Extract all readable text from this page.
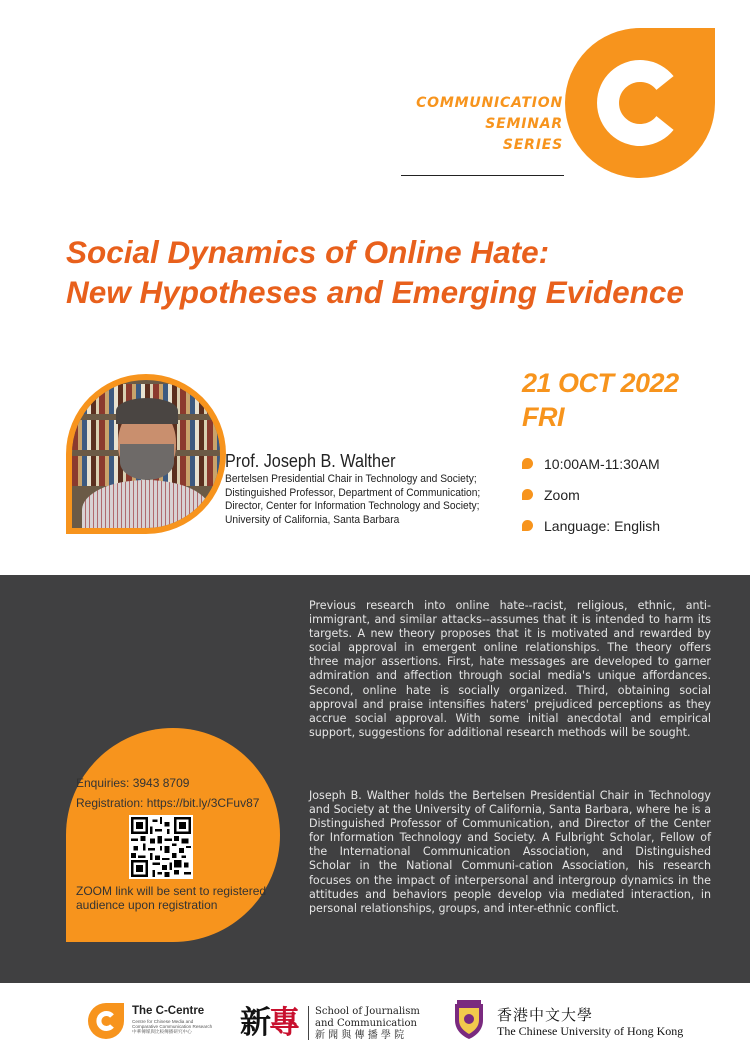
COMMUNICATION
SEMINAR
SERIES
Social Dynamics of Online Hate:
New Hypotheses and Emerging Evidence
Prof. Joseph B. Walther
Bertelsen Presidential Chair in Technology and Society;
Distinguished Professor, Department of Communication;
Director, Center for Information Technology and Society;
University of California, Santa Barbara
21 OCT 2022
FRI
10:00AM-11:30AM
Zoom
Language: English
Enquiries: 3943 8709
Registration: https://bit.ly/3CFuv87
ZOOM link will be sent to registered audience upon registration
Previous research into online hate--racist, religious, ethnic, anti-immigrant, and similar attacks--assumes that it is intended to harm its targets. A new theory proposes that it is motivated and rewarded by social approval in emergent online relationships. The theory offers three major assertions. First, hate messages are developed to garner admiration and affection through social media's unique affordances. Second, online hate is socially organized. Third, obtaining social approval and praise intensifies haters' prejudiced perceptions as they accrue social approval. With some initial anecdotal and empirical support, suggestions for additional research methods will be sought.
Joseph B. Walther holds the Bertelsen Presidential Chair in Technology and Society at the University of California, Santa Barbara, where he is a Distinguished Professor of Communication, and Director of the Center for Information Technology and Society. A Fulbright Scholar, Fellow of the International Communication Association, and Distinguished Scholar in the National Communi-cation Association, his research focuses on the impact of interpersonal and intergroup dynamics in the attitudes and behaviors people develop via mediated interaction, in personal relationships, groups, and inter-ethnic conflict.
The C-Centre
Centre for Chinese Media and
Comparative Communication Research
中華傳媒與比較傳播研究中心	新專 School of Journalism
and Communication
新 聞 與 傳 播 學 院
香港中文大學
The Chinese University of Hong Kong
